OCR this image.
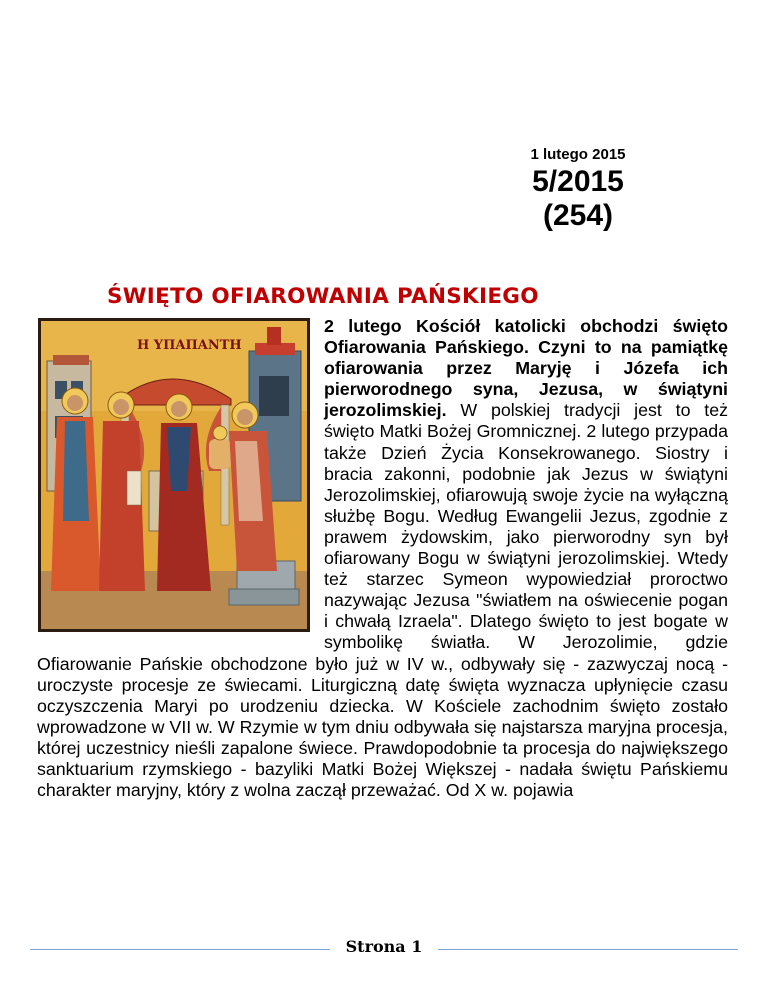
1 lutego 2015
5/2015 (254)
ŚWIĘTO OFIAROWANIA PAŃSKIEGO
Η ΥΠΑΠΑΝΤΗ
2 lutego Kościół katolicki obchodzi święto Ofiarowania Pańskiego. Czyni to na pamiątkę ofiarowania przez Maryję i Józefa ich pierworodnego syna, Jezusa, w świątyni jerozolimskiej. W polskiej tradycji jest to też święto Matki Bożej Gromnicznej. 2 lutego przypada także Dzień Życia Konsekrowanego. Siostry i bracia zakonni, podobnie jak Jezus w świątyni Jerozolimskiej, ofiarowują swoje życie na wyłączną służbę Bogu. Według Ewangelii Jezus, zgodnie z prawem żydowskim, jako pierworodny syn był ofiarowany Bogu w świątyni jerozolimskiej. Wtedy też starzec Symeon wypowiedział proroctwo nazywając Jezusa "światłem na oświecenie pogan i chwałą Izraela". Dlatego święto to jest bogate w symbolikę światła. W Jerozolimie, gdzie Ofiarowanie Pańskie obchodzone było już w IV w., odbywały się - zazwyczaj nocą - uroczyste procesje ze świecami. Liturgiczną datę święta wyznacza upłynięcie czasu oczyszczenia Maryi po urodzeniu dziecka. W Kościele zachodnim święto zostało wprowadzone w VII w. W Rzymie w tym dniu odbywała się najstarsza maryjna procesja, której uczestnicy nieśli zapalone świece. Prawdopodobnie ta procesja do największego sanktuarium rzymskiego - bazyliki Matki Bożej Większej - nadała świętu Pańskiemu charakter maryjny, który z wolna zaczął przeważać. Od X w. pojawia
Strona 1
